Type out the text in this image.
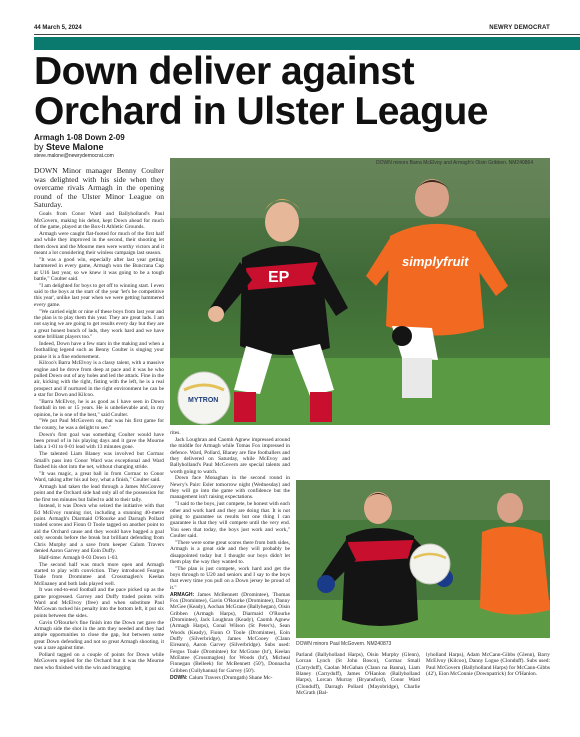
44 March 5, 2024	NEWRY DEMOCRAT
Down deliver against
Orchard in Ulster League
Armagh 1-08 Down 2-09
by Steve Malone
steve.malone@newrydemocrat.com
EP
simplyfruit
MYTRON
DOWN minors Barra McElvoy and Armagh's Oisin Gribben. NM240864
DOWN minors Paul McGovern. NM240873

DOWN Minor manager Benny Coulter was delighted with his side when they overcame rivals Armagh in the opening round of the Ulster Minor League on Saturday.

Goals from Conor Ward and Ballyholland's Paul McGovern, making his debut, kept Down ahead for much of the game, played at the Box-It Athletic Grounds.

Armagh were caught flat-footed for much of the first half and while they improved in the second, their shooting let them down and the Mourne men were worthy victors and it meant a lot considering their winless campaign last season.

"It was a good win, especially after last year getting hammered in every game, Armagh won the Buncrana Cup at U16 last year, so we knew it was going to be a tough battle," Coulter said.

"I am delighted for boys to get off to winning start. I even said to the boys at the start of the year 'let's be competitive this year', unlike last year when we were getting hammered every game.

"We carried eight or nine of these boys from last year and the plan is to play them this year. They are great lads. I am not saying we are going to get results every day but they are a great honest bunch of lads, they work hard and we have some brilliant players too."

Indeed, Down have a few stars in the making and when a footballing legend such as Benny Coulter is singing your praise it is a fine endorsement.

Kilcoo's Barra McElvoy is a classy talent, with a massive engine and he drove from deep at pace and it was he who pulled Down out of any holes and led the attack. Fine in the air, kicking with the right, fisting with the left, he is a real prospect and if nurtured in the right environment he can be a star for Down and Kilcoo.

"Barra McElvoy, he is as good as I have seen in Down football in ten or 15 years. He is unbelievable and, in my opinion, he is one of the best," said Coulter.

"We put Paul McGovern on, that was his first game for the county, he was a delight to see."

Down's first goal was something Coulter would have been proud of in his playing days and it gave the Mourne lads a 1-01 to 0-01 lead with 13 minutes gone.

The talented Liam Blaney was involved but Cormac Small's pass into Conor Ward was exceptional and Ward flashed his shot into the net, without changing stride.

"It was magic, a great ball in from Cormac to Conor Ward, taking after his aul boy, what a finish," Coulter said.

Armagh had taken the lead through a James McConvey point and the Orchard side had only all of the possession for the first ten minutes but failed to add to their tally.

Instead, it was Down who seized the initiative with that Ed McEvoy running riot, including a stunning 40-metre point. Armagh's Diarmaid O'Rourke and Darragh Pollard traded scores and Fionn O Toole tagged on another point to aid the Orchard cause and they would have bagged a goal only seconds before the break but brilliant defending from Chris Murphy and a save from keeper Calum Travers denied Aaron Garvey and Eoin Duffy.

Half-time: Armagh 0-03 Down 1-03.

The second half was much more open and Armagh started to play with conviction. They introduced Feargus Toale from Dromintee and Crossmaglen's Keelan McEnaney and both lads played well.

It was end-to-end football and the pace picked up as the game progressed. Garvey and Duffy traded points with Ward and McElvoy (free) and when substitute Paul McGowan tucked his penalty into the bottom left, it put six points between the sides.

Gavin O'Rourke's fine finish into the Down net gave the Armagh side the shot in the arm they needed and they had ample opportunities to close the gap, but between some great Down defending and not so great Armagh shooting, it was a rare against time.

Pollard tagged on a couple of points for Down while McGovern replied for the Orchard but it was the Mourne men who finished with the win and bragging

rites.

Jack Loughran and Caomh Agnew impressed around the middle for Armagh while Tomas Fox impressed in defence. Ward, Pollard, Blaney are fine footballers and they delivered on Saturday, while McEvoy and Ballyholland's Paul McGovern are special talents and worth going to watch.

Down face Monaghan in the second round in Newry's Pairc Esler tomorrow night (Wednesday) and they will go into the game with confidence but the management isn't raising expectations.

"I said to the boys, just compete, be honest with each other and work hard and they are doing that. It is not going to guarantee us results but one thing I can guarantee is that they will compete until the very end. You seen that today, the boys just work and work," Coulter said.

"There were some great scores there from both sides, Armagh is a great side and they will probably be disappointed today but I thought our boys didn't let them play the way they wanted to.

"The plan is just compete, work hard and get the boys through to U20 and seniors and I say to the boys that every time you pull on a Down jersey be proud of it."

ARMAGH: James McBennett (Dromintee), Thomas Fox (Dromintee), Gavin O'Rourke (Dromintee), Danny McGee (Keady), Aochan McGrane (Ballyhegan), Oisin Gribben (Armagh Harps), Diarmaid O'Rourke (Dromintee), Jack Loughran (Keady), Caomh Agnew (Armagh Harps), Conal Wilson (St Peter's), Sean Woods (Keady), Fionn O Toole (Dromintee), Eoin Duffy (Silverbridge), James McCooey (Clann Eireann), Aaron Garvey (Silverbridge). Subs used: Fergus Toale (Dromintee) for McGrane (ht'), Keelan McEntee (Crossmaglen) for Woods (ht'), Micheal Finnegan (Belleek) for McBennett (50'), Donnacha Gribben (Cullyhanna) for Garvey (50').

DOWN: Calum Travers (Drumgath) Shane Mc-

Parland (Ballyholland Harps), Oisin Murphy (Glenn), Lorcan Lynch (St John Bosco), Cormac Small (Carryduff), Caolan McGahan (Clann na Banna), Liam Blaney (Carryduff), James O'Hanlon (Ballyholland Harps), Lorcan Murray (Bryansford), Conor Ward (Clonduff), Darragh Pollard (Mayobridge), Charlie McGrath (Bal-

lyholland Harps), Adam McCann-Gibbs (Glenn), Barry McElvoy (Kilcoo), Danny Logue (Clonduff). Subs used: Paul McGovern (Ballyholland Harps) for McCann-Gibbs (42'), Eion McConnie (Downpatrick) for O'Hanlon.
